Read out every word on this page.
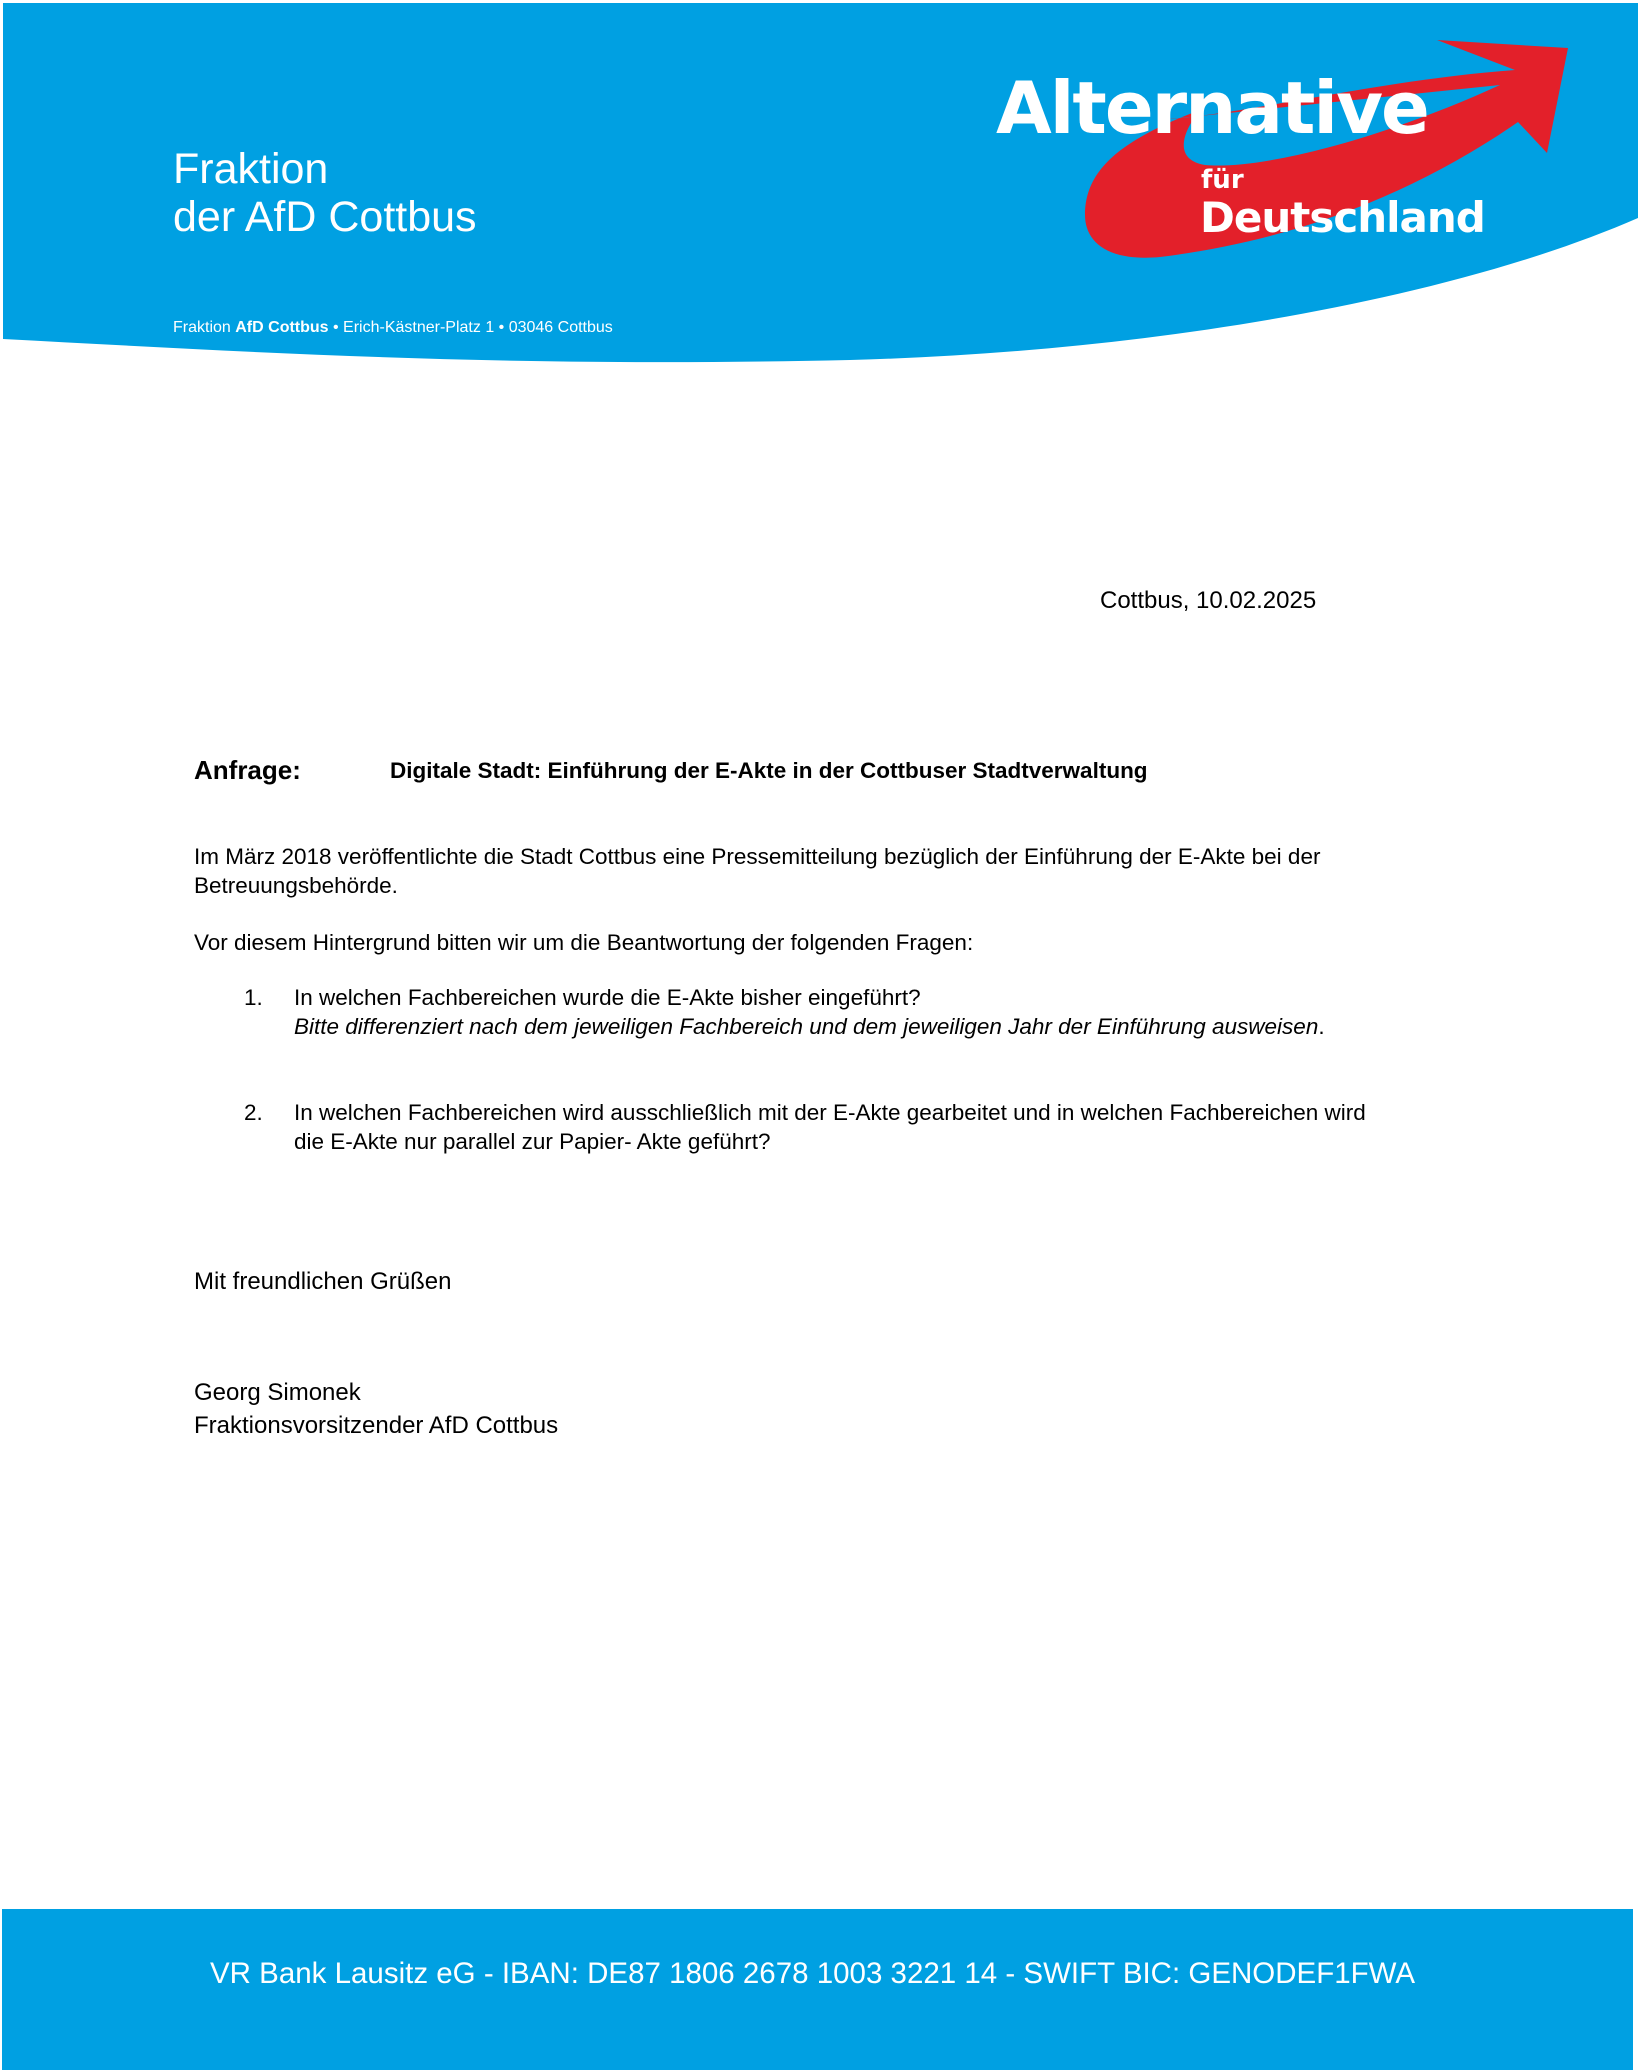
Fraktion
der AfD Cottbus
Fraktion AfD Cottbus • Erich-Kästner-Platz 1 • 03046 Cottbus
Alternative
für
Deutschland
Cottbus, 10.02.2025
Anfrage:	Digitale Stadt: Einführung der E-Akte in der Cottbuser Stadtverwaltung
Im März 2018 veröffentlichte die Stadt Cottbus eine Pressemitteilung bezüglich der Einführung der E-Akte bei der Betreuungsbehörde.
Vor diesem Hintergrund bitten wir um die Beantwortung der folgenden Fragen:
1. In welchen Fachbereichen wurde die E-Akte bisher eingeführt?
Bitte differenziert nach dem jeweiligen Fachbereich und dem jeweiligen Jahr der Einführung ausweisen.
2. In welchen Fachbereichen wird ausschließlich mit der E-Akte gearbeitet und in welchen Fachbereichen wird die E-Akte nur parallel zur Papier- Akte geführt?
Mit freundlichen Grüßen
Georg Simonek
Fraktionsvorsitzender AfD Cottbus
VR Bank Lausitz eG - IBAN: DE87 1806 2678 1003 3221 14 - SWIFT BIC: GENODEF1FWA
